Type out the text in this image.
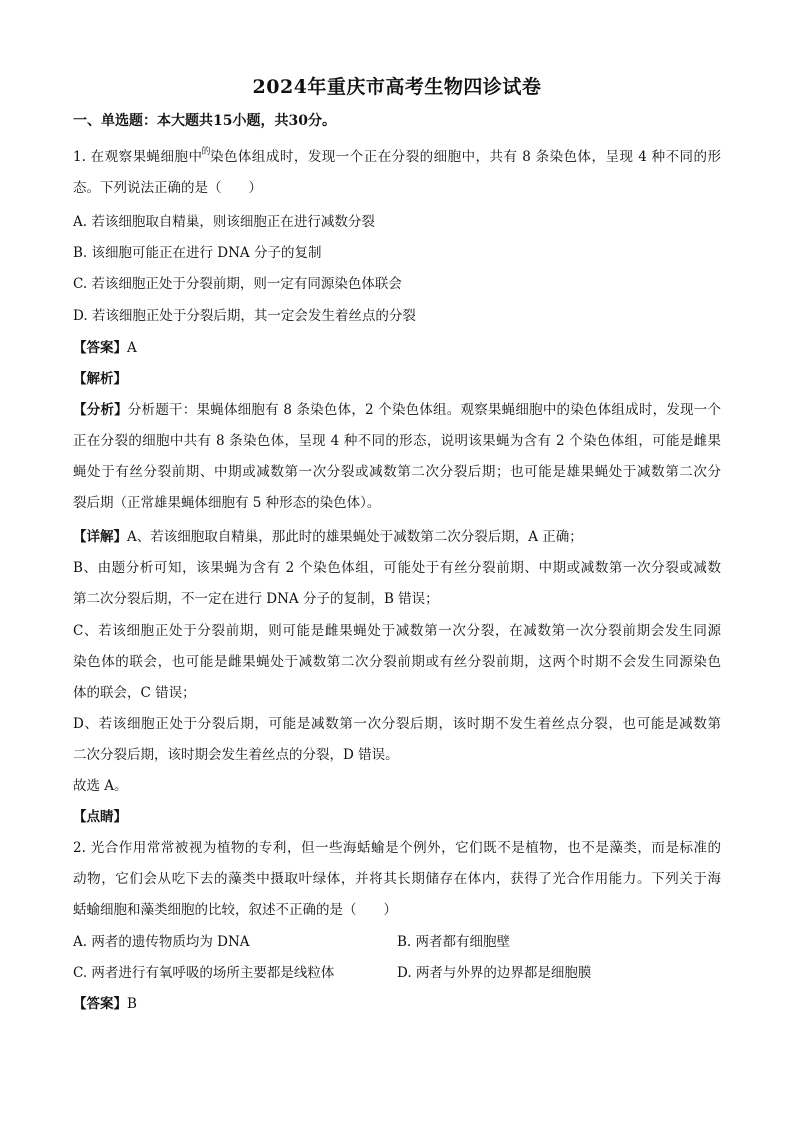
2024年重庆市高考生物四诊试卷
一、单选题：本大题共15小题，共30分。
1. 在观察果蝇细胞中$^的$染色体组成时，发现一个正在分裂的细胞中，共有 8 条染色体，呈现 4 种不同的形
态。下列说法正确的是（　　）
A. 若该细胞取自精巢，则该细胞正在进行减数分裂
B. 该细胞可能正在进行 DNA 分子的复制
C. 若该细胞正处于分裂前期，则一定有同源染色体联会
D. 若该细胞正处于分裂后期，其一定会发生着丝点的分裂
【答案】A
【解析】
【分析】分析题干：果蝇体细胞有 8 条染色体，2 个染色体组。观察果蝇细胞中的染色体组成时，发现一个
正在分裂的细胞中共有 8 条染色体，呈现 4 种不同的形态，说明该果蝇为含有 2 个染色体组，可能是雌果
蝇处于有丝分裂前期、中期或减数第一次分裂或减数第二次分裂后期；也可能是雄果蝇处于减数第二次分
裂后期（正常雄果蝇体细胞有 5 种形态的染色体）。
【详解】A、若该细胞取自精巢，那此时的雄果蝇处于减数第二次分裂后期，A 正确；
B、由题分析可知，该果蝇为含有 2 个染色体组，可能处于有丝分裂前期、中期或减数第一次分裂或减数
第二次分裂后期，不一定在进行 DNA 分子的复制，B 错误；
C、若该细胞正处于分裂前期，则可能是雌果蝇处于减数第一次分裂，在减数第一次分裂前期会发生同源
染色体的联会，也可能是雌果蝇处于减数第二次分裂前期或有丝分裂前期，这两个时期不会发生同源染色
体的联会，C 错误；
D、若该细胞正处于分裂后期，可能是减数第一次分裂后期，该时期不发生着丝点分裂，也可能是减数第
二次分裂后期，该时期会发生着丝点的分裂，D 错误。
故选 A。
【点睛】
2. 光合作用常常被视为植物的专利，但一些海蛞蝓是个例外，它们既不是植物，也不是藻类，而是标准的
动物，它们会从吃下去的藻类中摄取叶绿体，并将其长期储存在体内，获得了光合作用能力。下列关于海
蛞蝓细胞和藻类细胞的比较，叙述不正确的是（　　）
A. 两者的遗传物质均为 DNA	B. 两者都有细胞壁
C. 两者进行有氧呼吸的场所主要都是线粒体	D. 两者与外界的边界都是细胞膜
【答案】B
